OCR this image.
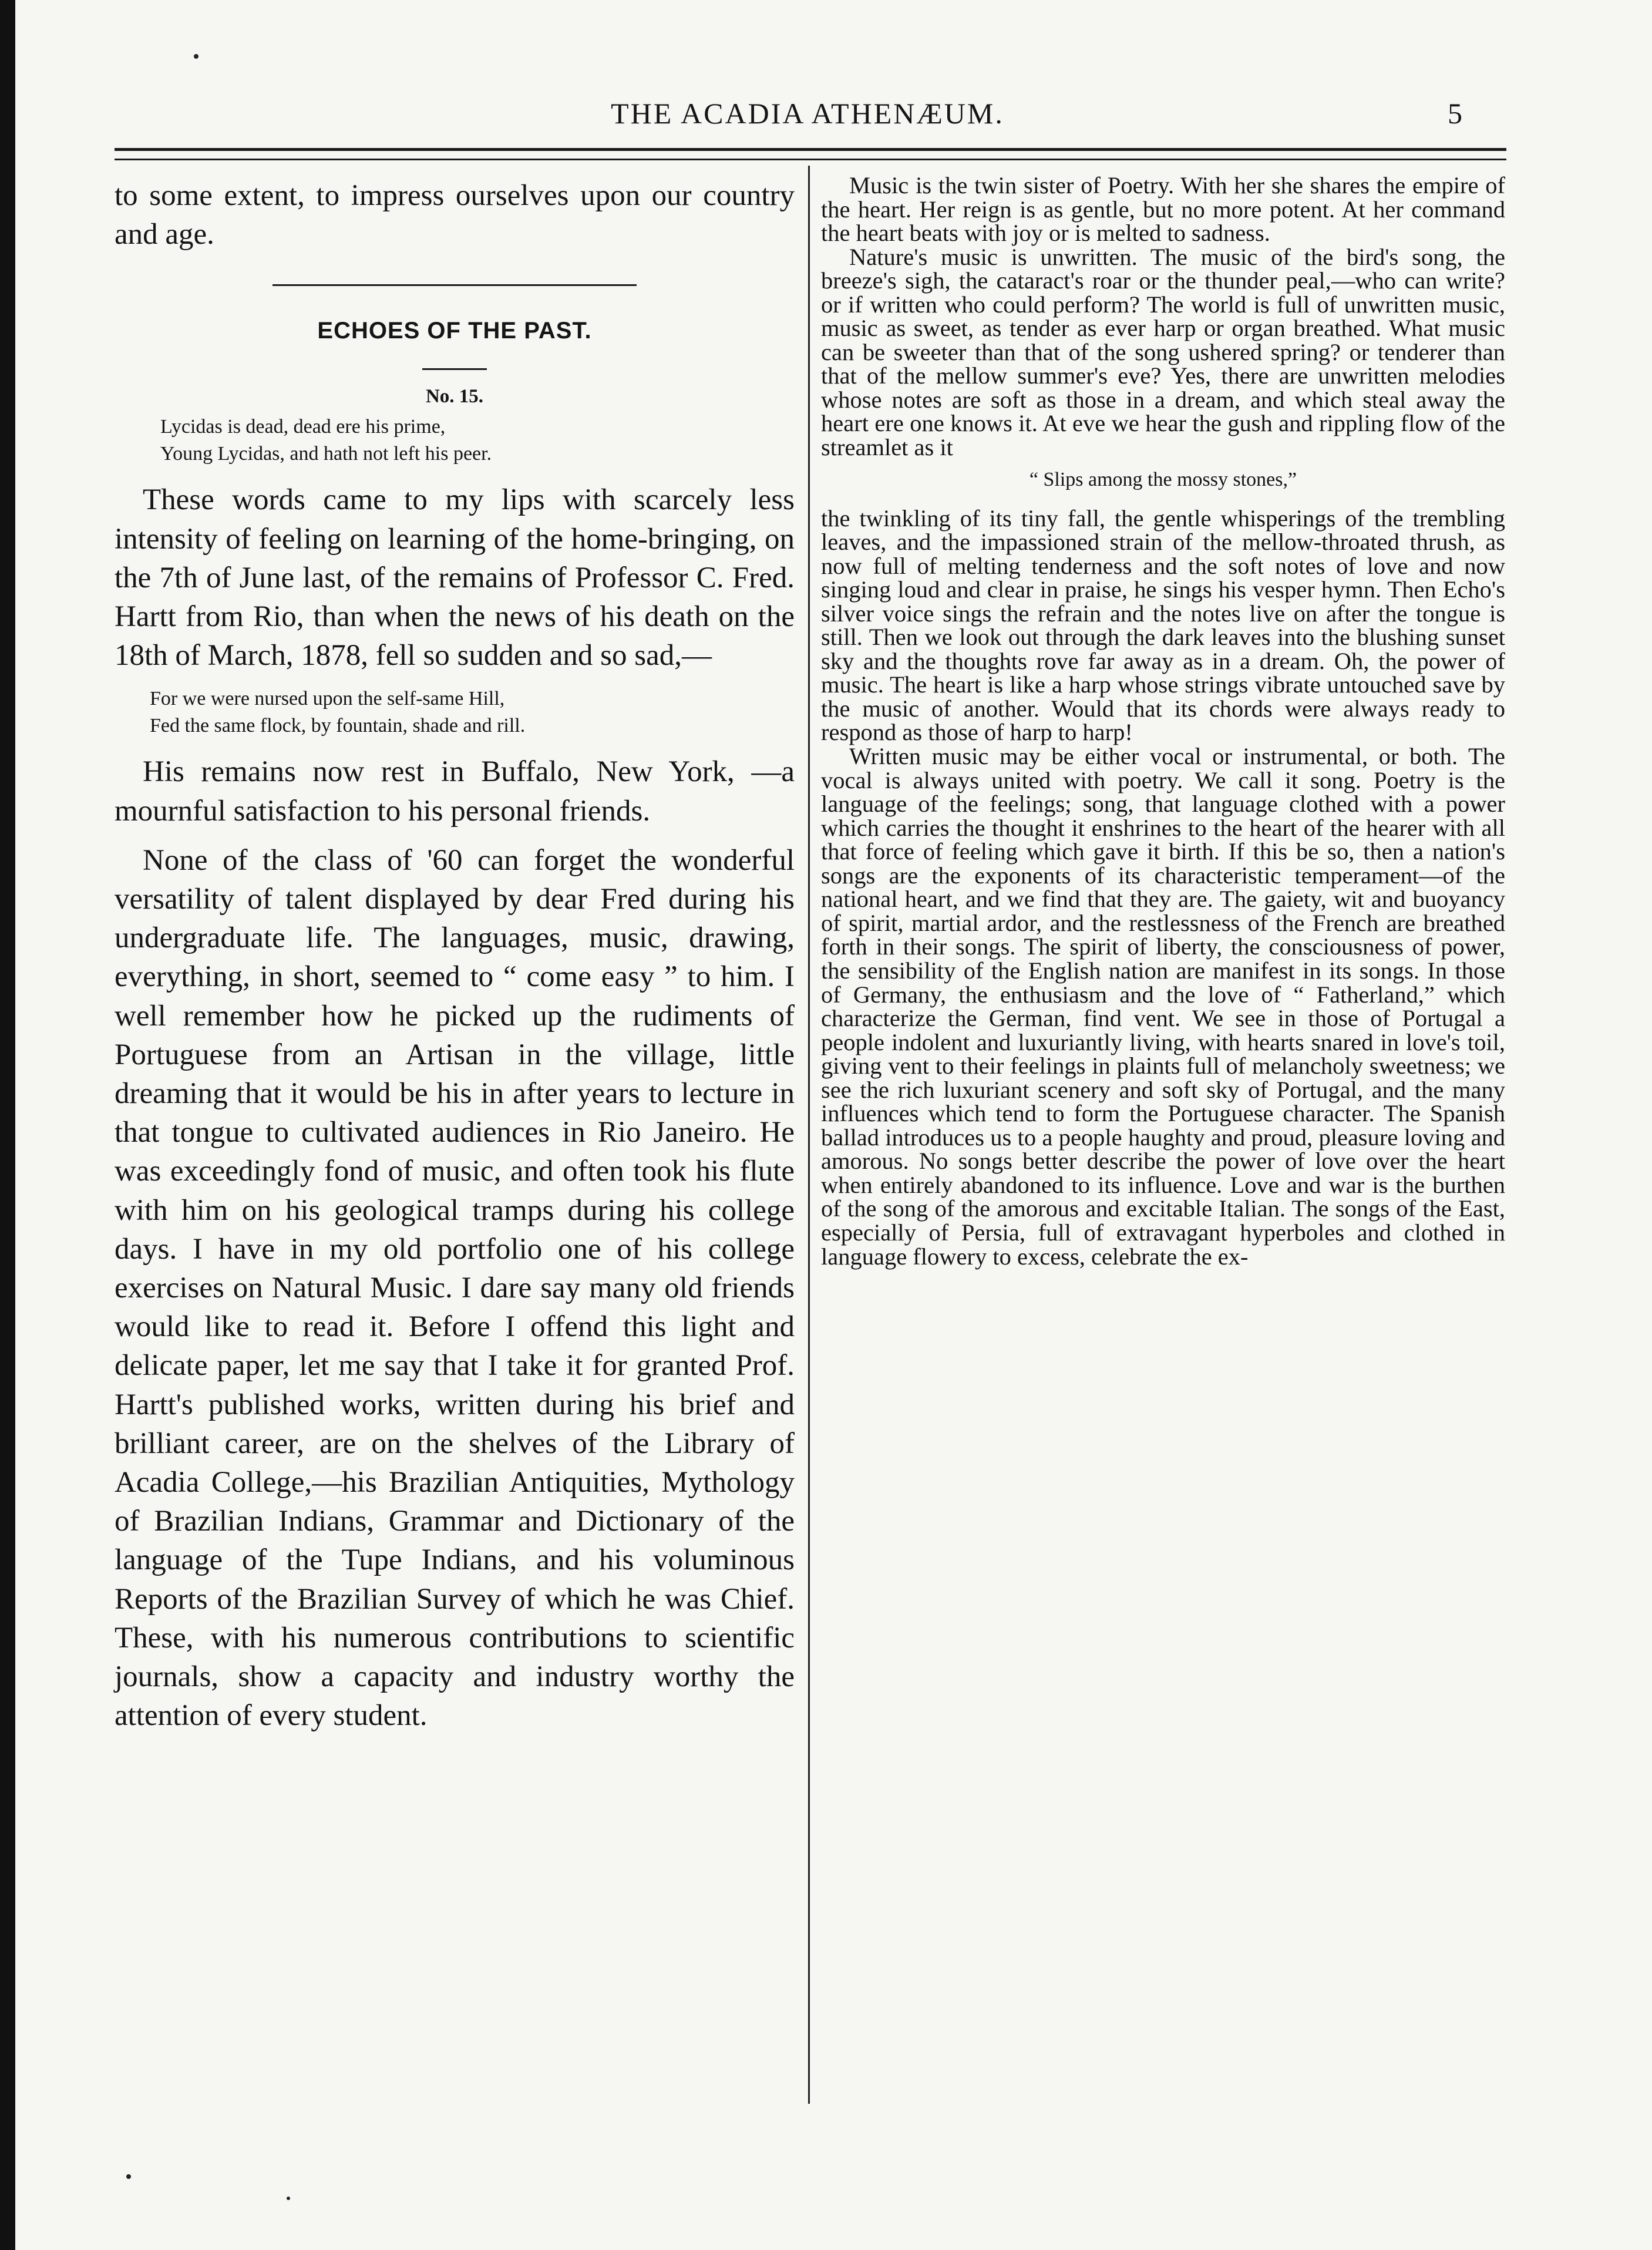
THE ACADIA ATHENÆUM.	5

to some extent, to impress ourselves upon our country and age.

ECHOES OF THE PAST.
No. 15.
Lycidas is dead, dead ere his prime,
Young Lycidas, and hath not left his peer.

These words came to my lips with scarcely less intensity of feeling on learning of the home-bringing, on the 7th of June last, of the remains of Professor C. Fred. Hartt from Rio, than when the news of his death on the 18th of March, 1878, fell so sudden and so sad,—

For we were nursed upon the self-same Hill,
Fed the same flock, by fountain, shade and rill.

His remains now rest in Buffalo, New York, —a mournful satisfaction to his personal friends.

None of the class of '60 can forget the wonderful versatility of talent displayed by dear Fred during his undergraduate life. The languages, music, drawing, everything, in short, seemed to “ come easy ” to him. I well remember how he picked up the rudiments of Portuguese from an Artisan in the village, little dreaming that it would be his in after years to lecture in that tongue to cultivated audiences in Rio Janeiro. He was exceedingly fond of music, and often took his flute with him on his geological tramps during his college days. I have in my old portfolio one of his college exercises on Natural Music. I dare say many old friends would like to read it. Before I offend this light and delicate paper, let me say that I take it for granted Prof. Hartt's published works, written during his brief and brilliant career, are on the shelves of the Library of Acadia College,—his Brazilian Antiquities, Mythology of Brazilian Indians, Grammar and Dictionary of the language of the Tupe Indians, and his voluminous Reports of the Brazilian Survey of which he was Chief. These, with his numerous contributions to scientific journals, show a capacity and industry worthy the attention of every student.

Music is the twin sister of Poetry. With her she shares the empire of the heart. Her reign is as gentle, but no more potent. At her command the heart beats with joy or is melted to sadness.

Nature's music is unwritten. The music of the bird's song, the breeze's sigh, the cataract's roar or the thunder peal,—who can write? or if written who could perform? The world is full of unwritten music, music as sweet, as tender as ever harp or organ breathed. What music can be sweeter than that of the song ushered spring? or tenderer than that of the mellow summer's eve? Yes, there are unwritten melodies whose notes are soft as those in a dream, and which steal away the heart ere one knows it. At eve we hear the gush and rippling flow of the streamlet as it

“ Slips among the mossy stones,”

the twinkling of its tiny fall, the gentle whisperings of the trembling leaves, and the impassioned strain of the mellow-throated thrush, as now full of melting tenderness and the soft notes of love and now singing loud and clear in praise, he sings his vesper hymn. Then Echo's silver voice sings the refrain and the notes live on after the tongue is still. Then we look out through the dark leaves into the blushing sunset sky and the thoughts rove far away as in a dream. Oh, the power of music. The heart is like a harp whose strings vibrate untouched save by the music of another. Would that its chords were always ready to respond as those of harp to harp!

Written music may be either vocal or instrumental, or both. The vocal is always united with poetry. We call it song. Poetry is the language of the feelings; song, that language clothed with a power which carries the thought it enshrines to the heart of the hearer with all that force of feeling which gave it birth. If this be so, then a nation's songs are the exponents of its characteristic temperament—of the national heart, and we find that they are. The gaiety, wit and buoyancy of spirit, martial ardor, and the restlessness of the French are breathed forth in their songs. The spirit of liberty, the consciousness of power, the sensibility of the English nation are manifest in its songs. In those of Germany, the enthusiasm and the love of “ Fatherland,” which characterize the German, find vent. We see in those of Portugal a people indolent and luxuriantly living, with hearts snared in love's toil, giving vent to their feelings in plaints full of melancholy sweetness; we see the rich luxuriant scenery and soft sky of Portugal, and the many influences which tend to form the Portuguese character. The Spanish ballad introduces us to a people haughty and proud, pleasure loving and amorous. No songs better describe the power of love over the heart when entirely abandoned to its influence. Love and war is the burthen of the song of the amorous and excitable Italian. The songs of the East, especially of Persia, full of extravagant hyperboles and clothed in language flowery to excess, celebrate the ex-
